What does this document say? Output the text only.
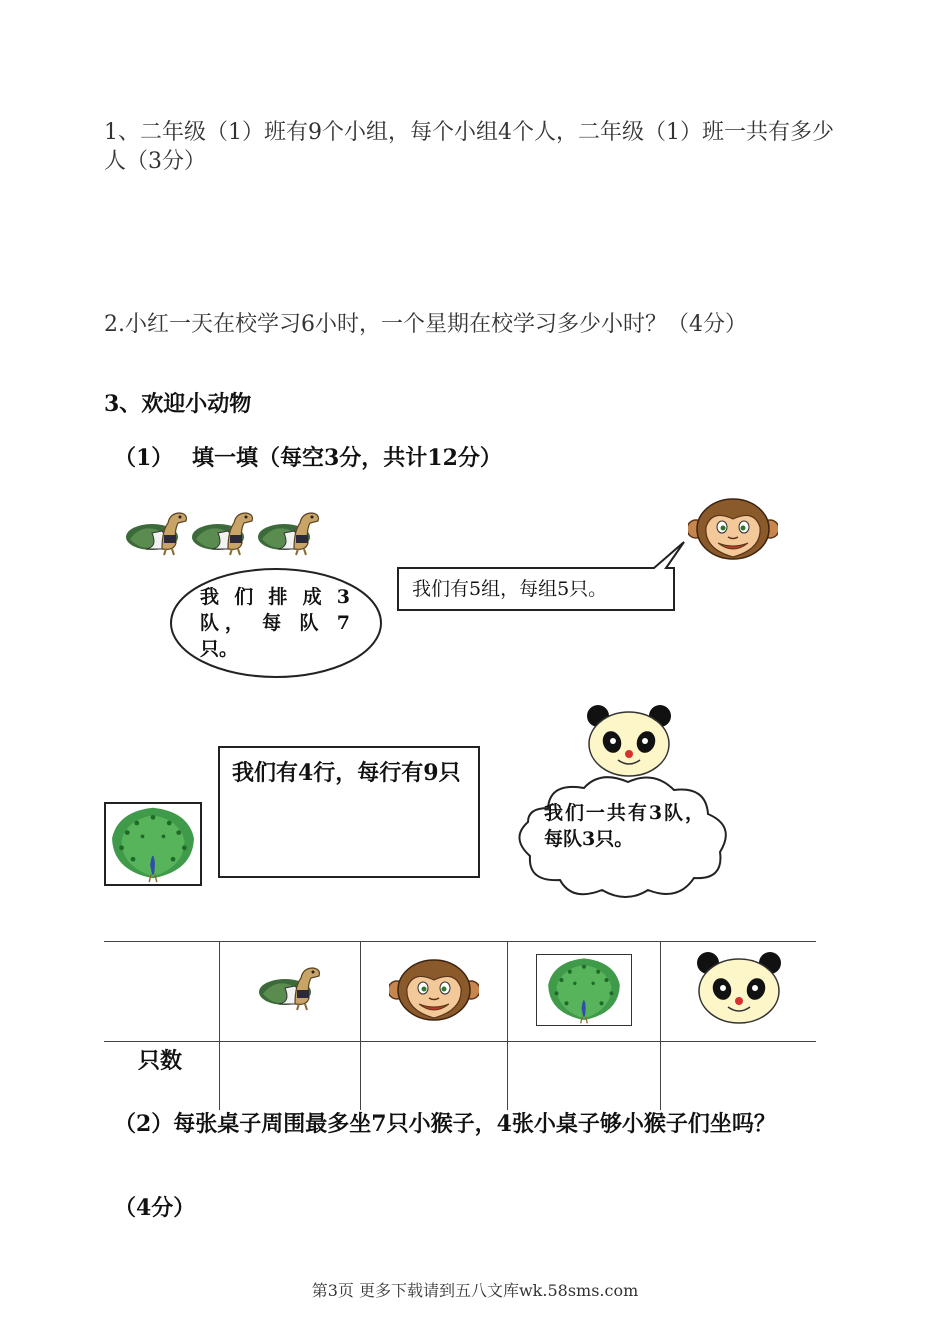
1、二年级（1）班有9个小组，每个小组4个人，二年级（1）班一共有多少人（3分）
2.小红一天在校学习6小时，一个星期在校学习多少小时？（4分）
3、欢迎小动物
（1）　 填一填（每空3分，共计12分）
我 们 排 成 3 队， 每 队 7 只。
我们有5组，每组5只。
我们有4行，每行有9只
我们一共有3队，每队3只。

只数				
（2）每张桌子周围最多坐7只小猴子，4张小桌子够小猴子们坐吗？
（4分）
第3页 更多下载请到五八文库wk.58sms.com
